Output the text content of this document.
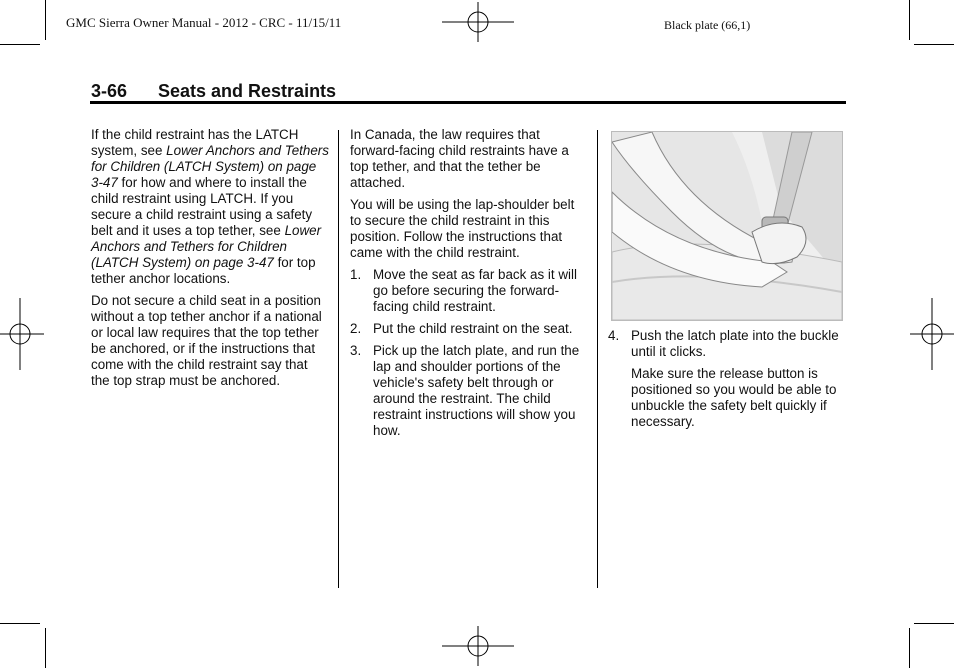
GMC Sierra Owner Manual - 2012 - CRC - 11/15/11	Black plate (66,1)
3-66 Seats and Restraints

If the child restraint has the LATCH system, see Lower Anchors and Tethers for Children (LATCH System) on page 3-47 for how and where to install the child restraint using LATCH. If you secure a child restraint using a safety belt and it uses a top tether, see Lower Anchors and Tethers for Children (LATCH System) on page 3-47 for top tether anchor locations.

Do not secure a child seat in a position without a top tether anchor if a national or local law requires that the top tether be anchored, or if the instructions that come with the child restraint say that the top strap must be anchored.

In Canada, the law requires that forward-facing child restraints have a top tether, and that the tether be attached.

You will be using the lap-shoulder belt to secure the child restraint in this position. Follow the instructions that came with the child restraint.

1. Move the seat as far back as it will go before securing the forward-facing child restraint.
2. Put the child restraint on the seat.
3. Pick up the latch plate, and run the lap and shoulder portions of the vehicle's safety belt through or around the restraint. The child restraint instructions will show you how.
4. Push the latch plate into the buckle until it clicks.

Make sure the release button is positioned so you would be able to unbuckle the safety belt quickly if necessary.
